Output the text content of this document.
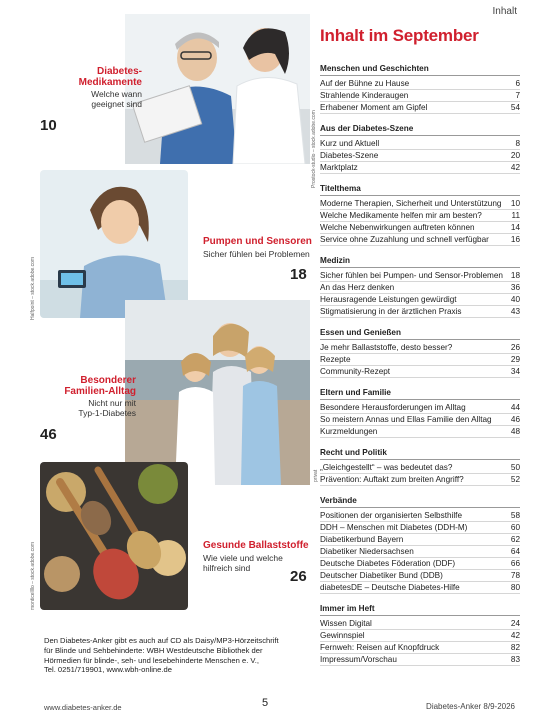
Inhalt
Inhalt im September
Menschen und Geschichten
Auf der Bühne zu Hause	6
Strahlende Kinderaugen	7
Erhabener Moment am Gipfel	54
Aus der Diabetes-Szene
Kurz und Aktuell	8
Diabetes-Szene	20
Marktplatz	42
Titelthema
Moderne Therapien, Sicherheit und Unterstützung	10
Welche Medikamente helfen mir am besten?	11
Welche Nebenwirkungen auftreten können	14
Service ohne Zuzahlung und schnell verfügbar	16
Medizin
Sicher fühlen bei Pumpen- und Sensor-Problemen 18
An das Herz denken	36
Herausragende Leistungen gewürdigt	40
Stigmatisierung in der ärztlichen Praxis	43
Essen und Genießen
Je mehr Ballaststoffe, desto besser?	26
Rezepte	29
Community-Rezept	34
Eltern und Familie
Besondere Herausforderungen im Alltag	44
So meistern Annas und Ellas Familie den Alltag	46
Kurzmeldungen	48
Recht und Politik
„Gleichgestellt“ – was bedeutet das?	50
Prävention: Auftakt zum breiten Angriff?	52
Verbände
Positionen der organisierten Selbsthilfe	58
DDH – Menschen mit Diabetes (DDH-M)	60
Diabetikerbund Bayern	62
Diabetiker Niedersachsen	64
Deutsche Diabetes Föderation (DDF)	66
Deutscher Diabetiker Bund (DDB)	78
diabetesDE – Deutsche Diabetes-Hilfe	80
Immer im Heft
Wissen Digital	24
Gewinnspiel	42
Fernweh: Reisen auf Knopfdruck	82
Impressum/Vorschau	83
Prostock-studio – stock.adobe.com
Diabetes-
Medikamente
Welche wann
geeignet sind
10
Halfpoint – stock.adobe.com
Pumpen und Sensoren
Sicher fühlen bei Problemen
18
privat
Besonderer
Familien-Alltag
Nicht nur mit
Typ-1-Diabetes
46
monticellllo – stock.adobe.com	Gesunde Ballaststoffe
Wie viele und welche
hilfreich sind	26
Den Diabetes-Anker gibt es auch auf CD als Daisy/MP3-Hörzeitschrift
für Blinde und Sehbehinderte: WBH Westdeutsche Bibliothek der
Hörmedien für blinde-, seh- und lesebehinderte Menschen e. V.,
Tel. 0251/719901, www.wbh-online.de
www.diabetes-anker.de	5	Diabetes-Anker 8/9-2026
